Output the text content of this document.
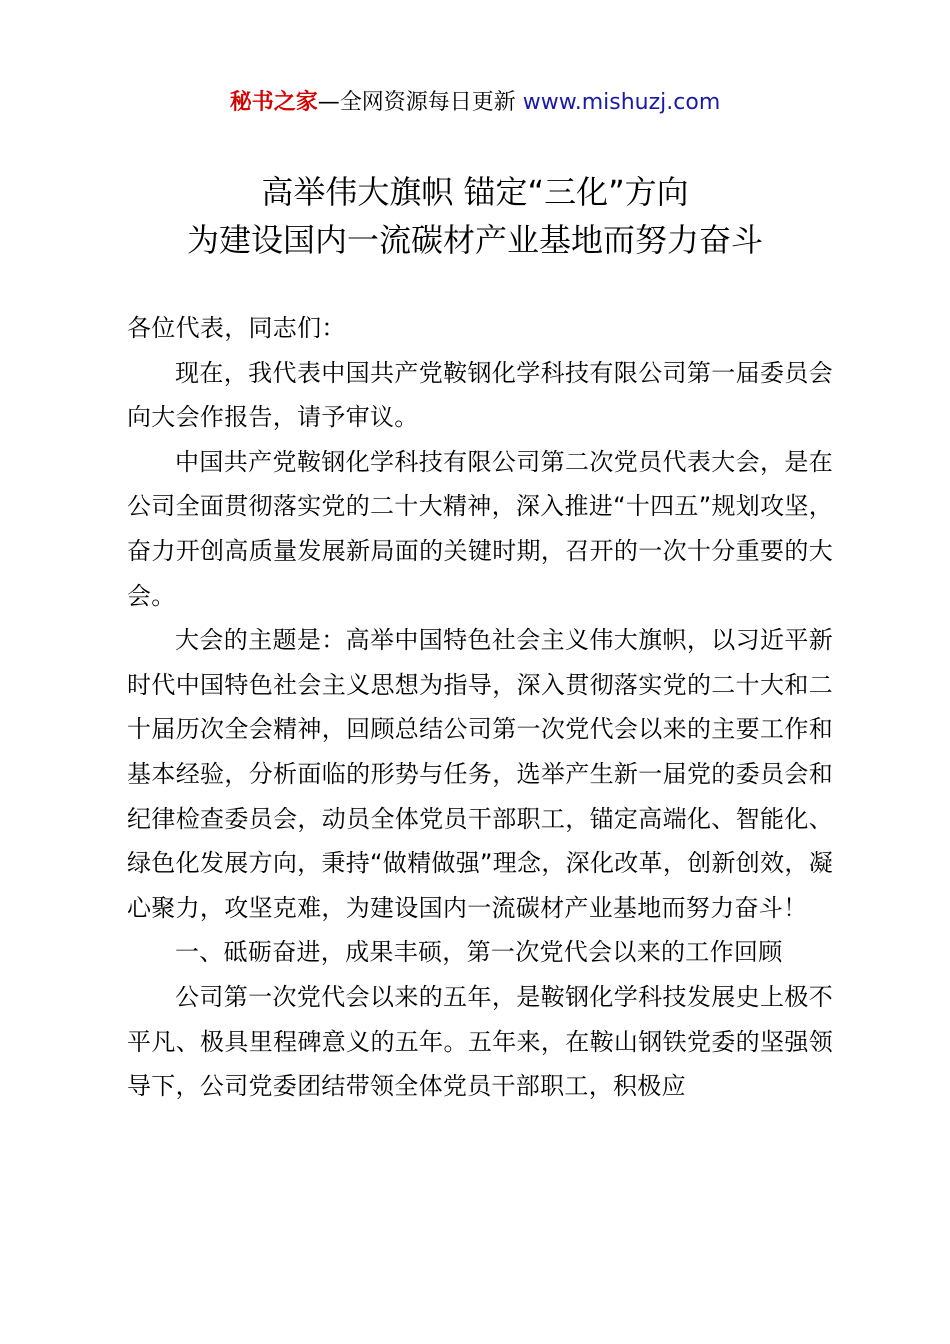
秘书之家—全网资源每日更新 www.mishuzj.com
高举伟大旗帜 锚定“三化”方向
为建设国内一流碳材产业基地而努力奋斗

各位代表，同志们：

现在，我代表中国共产党鞍钢化学科技有限公司第一届委员会向大会作报告，请予审议。

中国共产党鞍钢化学科技有限公司第二次党员代表大会，是在公司全面贯彻落实党的二十大精神，深入推进“十四五”规划攻坚，奋力开创高质量发展新局面的关键时期，召开的一次十分重要的大会。

大会的主题是：高举中国特色社会主义伟大旗帜，以习近平新时代中国特色社会主义思想为指导，深入贯彻落实党的二十大和二十届历次全会精神，回顾总结公司第一次党代会以来的主要工作和基本经验，分析面临的形势与任务，选举产生新一届党的委员会和纪律检查委员会，动员全体党员干部职工，锚定高端化、智能化、绿色化发展方向，秉持“做精做强”理念，深化改革，创新创效，凝心聚力，攻坚克难，为建设国内一流碳材产业基地而努力奋斗！

一、砥砺奋进，成果丰硕，第一次党代会以来的工作回顾

公司第一次党代会以来的五年，是鞍钢化学科技发展史上极不平凡、极具里程碑意义的五年。五年来，在鞍山钢铁党委的坚强领导下，公司党委团结带领全体党员干部职工，积极应
